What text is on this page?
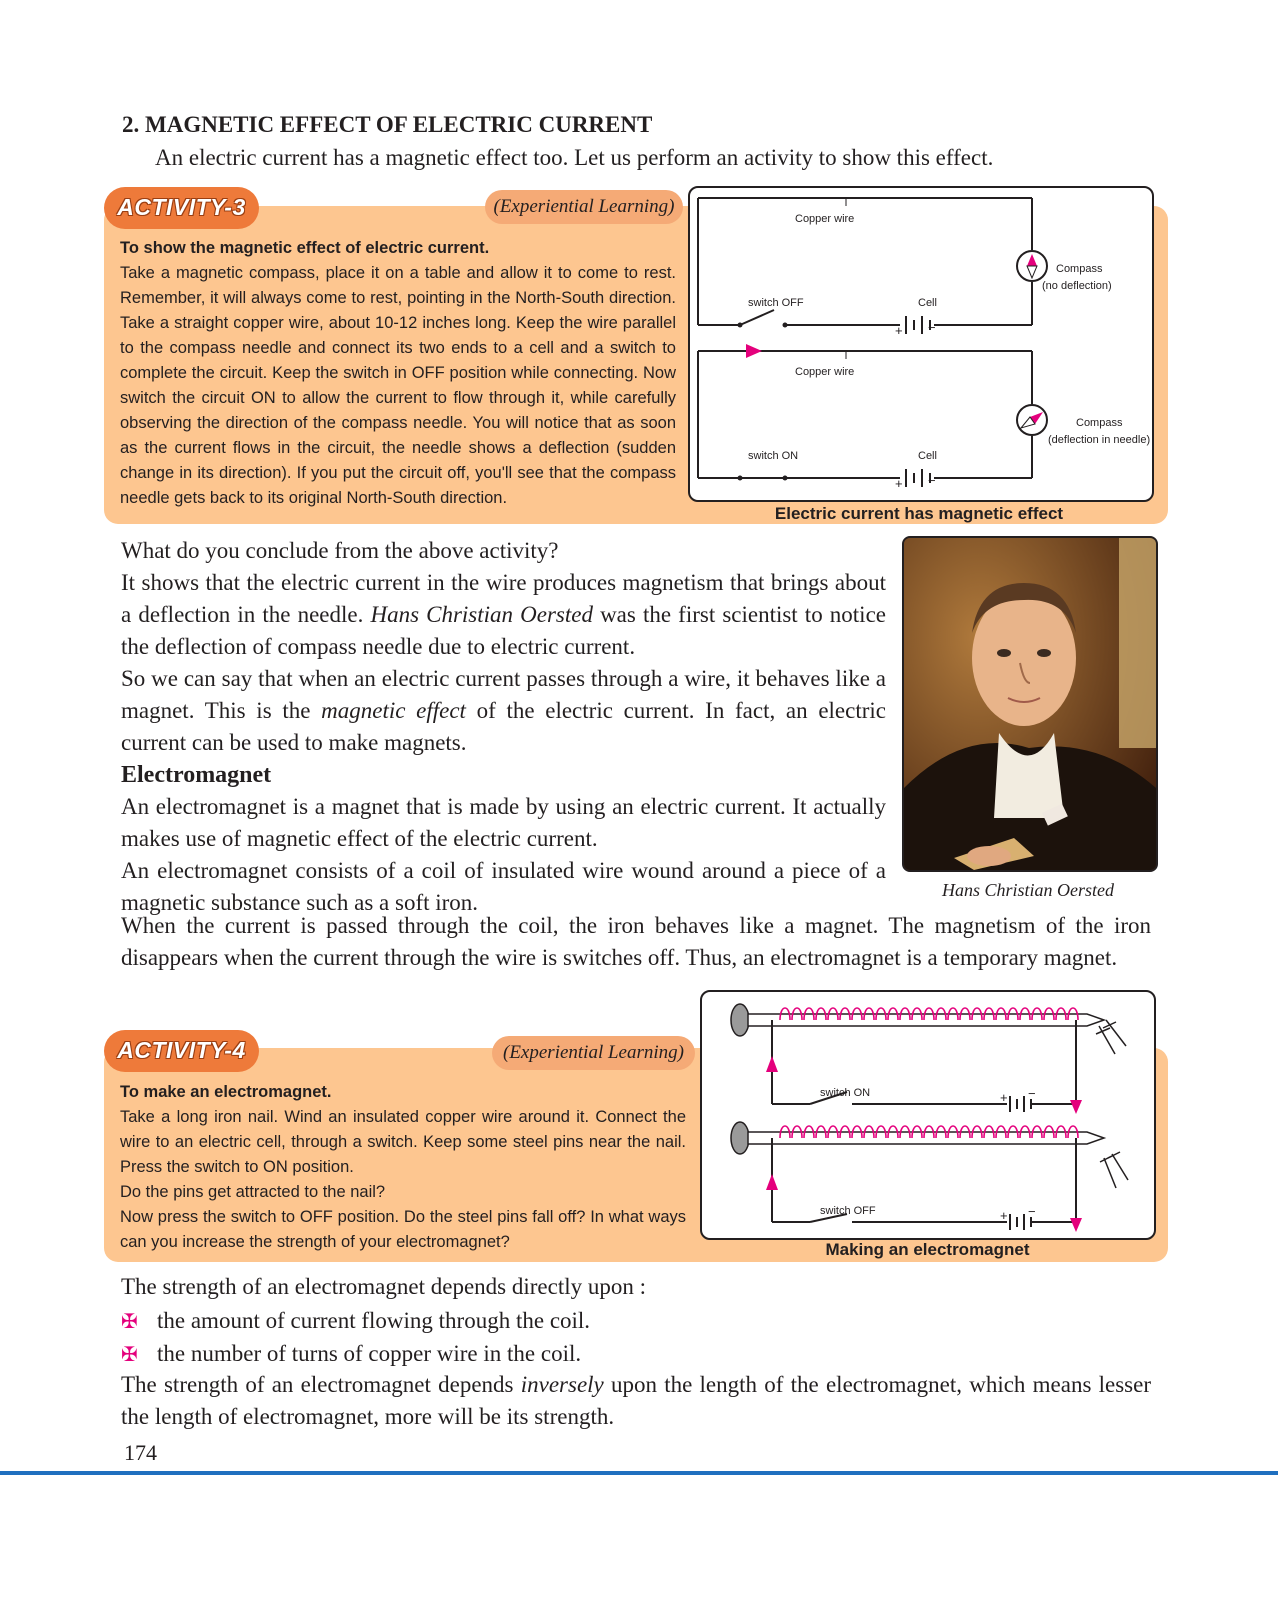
2. MAGNETIC EFFECT OF ELECTRIC CURRENT
An electric current has a magnetic effect too. Let us perform an activity to show this effect.
ACTIVITY-3	(Experiential Learning)
To show the magnetic effect of electric current.
Take a magnetic compass, place it on a table and allow it to come to rest. Remember, it will always come to rest, pointing in the North-South direction. Take a straight copper wire, about 10-12 inches long. Keep the wire parallel to the compass needle and connect its two ends to a cell and a switch to complete the circuit. Keep the switch in OFF position while connecting. Now switch the circuit ON to allow the current to flow through it, while carefully observing the direction of the compass needle. You will notice that as soon as the current flows in the circuit, the needle shows a deflection (sudden change in its direction). If you put the circuit off, you'll see that the compass needle gets back to its original North-South direction.
Copper wire
Compass
(no deflection)
switch OFF	Cell
+ −
Copper wire
Compass
(deflection in needle)
switch ON	Cell
+ −
Electric current has magnetic effect
What do you conclude from the above activity?
It shows that the electric current in the wire produces magnetism that brings about a deflection in the needle. Hans Christian Oersted was the first scientist to notice the deflection of compass needle due to electric current.
So we can say that when an electric current passes through a wire, it behaves like a magnet. This is the magnetic effect of the electric current. In fact, an electric current can be used to make magnets.
Electromagnet
An electromagnet is a magnet that is made by using an electric current. It actually makes use of magnetic effect of the electric current.
An electromagnet consists of a coil of insulated wire wound around a piece of a magnetic substance such as a soft iron.
When the current is passed through the coil, the iron behaves like a magnet. The magnetism of the iron disappears when the current through the wire is switches off. Thus, an electromagnet is a temporary magnet.
Hans Christian Oersted
ACTIVITY-4	(Experiential Learning)
To make an electromagnet.
Take a long iron nail. Wind an insulated copper wire around it. Connect the wire to an electric cell, through a switch. Keep some steel pins near the nail. Press the switch to ON position.
Do the pins get attracted to the nail?
Now press the switch to OFF position. Do the steel pins fall off? In what ways can you increase the strength of your electromagnet?
switch ON	+ −
switch OFF	+ −
Making an electromagnet
The strength of an electromagnet depends directly upon :
✠ the amount of current flowing through the coil.
✠ the number of turns of copper wire in the coil.
The strength of an electromagnet depends inversely upon the length of the electromagnet, which means lesser the length of electromagnet, more will be its strength.
174
